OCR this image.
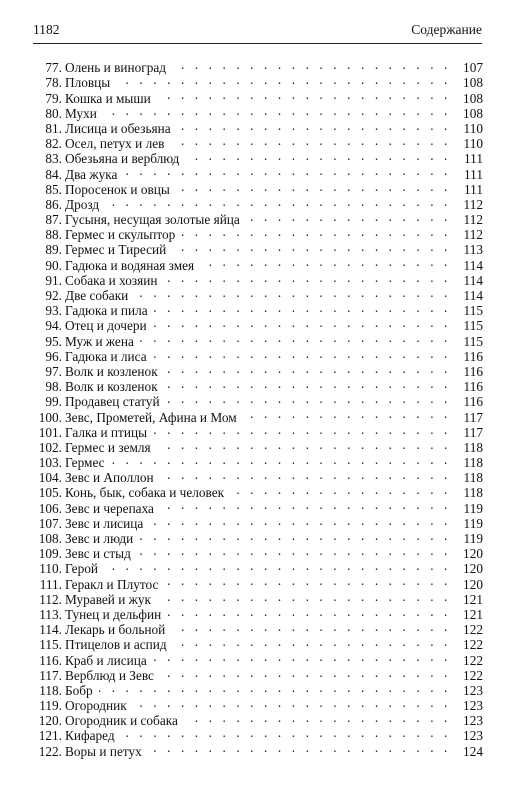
1182	Содержание
77. Олень и виноград . . .	107
78. Пловцы . . .	108
79. Кошка и мыши . . .	108
80. Мухи . . .	108
81. Лисица и обезьяна . . .	110
82. Осел, петух и лев . . .	110
83. Обезьяна и верблюд . . .	111
84. Два жука . . .	111
85. Поросенок и овцы . . .	111
86. Дрозд . . .	112
87. Гусыня, несущая золотые яйца . . .	112
88. Гермес и скульптор . . .	112
89. Гермес и Тиресий . . .	113
90. Гадюка и водяная змея . . .	114
91. Собака и хозяин . . .	114
92. Две собаки . . .	114
93. Гадюка и пила . . .	115
94. Отец и дочери . . .	115
95. Муж и жена . . .	115
96. Гадюка и лиса . . .	116
97. Волк и козленок . . .	116
98. Волк и козленок . . .	116
99. Продавец статуй . . .	116
100. Зевс, Прометей, Афина и Мом . . .	117
101. Галка и птицы . . .	117
102. Гермес и земля . . .	118
103. Гермес . . .	118
104. Зевс и Аполлон . . .	118
105. Конь, бык, собака и человек . . .	118
106. Зевс и черепаха . . .	119
107. Зевс и лисица . . .	119
108. Зевс и люди . . .	119
109. Зевс и стыд . . .	120
110. Герой . . .	120
111. Геракл и Плутос . . .	120
112. Муравей и жук . . .	121
113. Тунец и дельфин . . .	121
114. Лекарь и больной . . .	122
115. Птицелов и аспид . . .	122
116. Краб и лисица . . .	122
117. Верблюд и Зевс . . .	122
118. Бобр . . .	123
119. Огородник . . .	123
120. Огородник и собака . . .	123
121. Кифаред . . .	123
122. Воры и петух . . .	124
